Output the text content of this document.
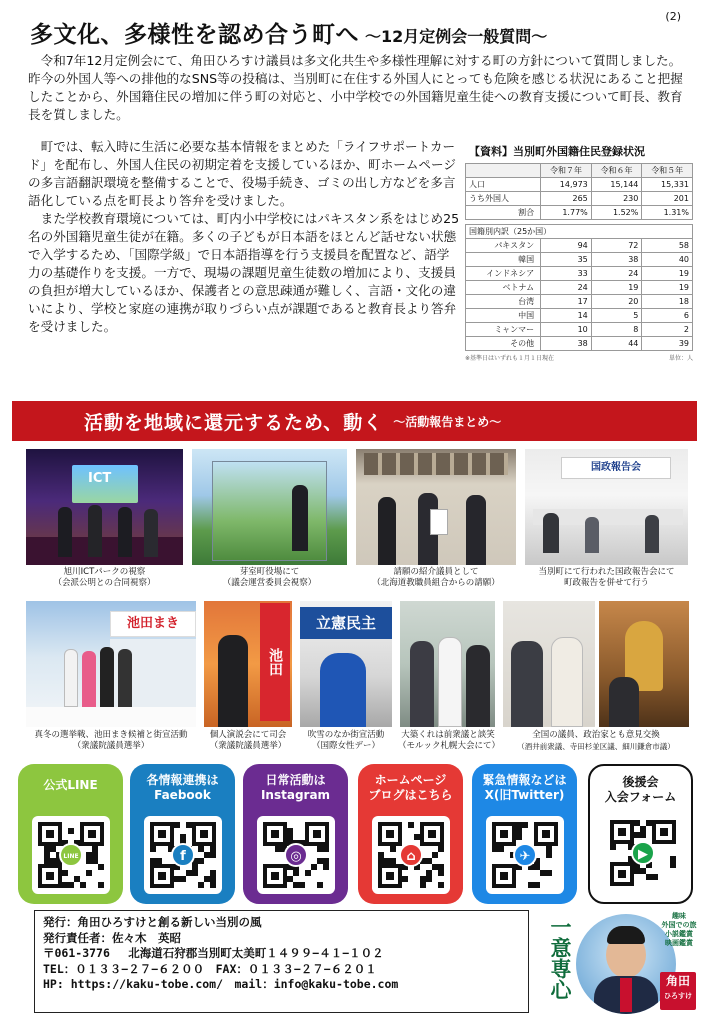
(2)
多文化、多様性を認め合う町へ 〜12月定例会一般質問〜

令和7年12月定例会にて、角田ひろすけ議員は多文化共生や多様性理解に対する町の方針について質問しました。昨今の外国人等への排他的なSNS等の投稿は、当別町に在住する外国人にとっても危険を感じる状況にあること把握したことから、外国籍住民の増加に伴う町の対応と、小中学校での外国籍児童生徒への教育支援について町長、教育長を質しました。

町では、転入時に生活に必要な基本情報をまとめた「ライフサポートカード」を配布し、外国人住民の初期定着を支援しているほか、町ホームページの多言語翻訳環境を整備することで、役場手続き、ゴミの出し方などを多言語化している点を町長より答弁を受けました。

また学校教育環境については、町内小中学校にはパキスタン系をはじめ25名の外国籍児童生徒が在籍。多くの子どもが日本語をほとんど話せない状態で入学するため、「国際学級」で日本語指導を行う支援員を配置など、語学力の基礎作りを支援。一方で、現場の課題児童生徒数の増加により、支援員の負担が増大しているほか、保護者との意思疎通が難しく、言語・文化の違いにより、学校と家庭の連携が取りづらい点が課題であると教育長より答弁を受けました。

【資料】当別町外国籍住民登録状況
	令和７年	令和６年	令和５年
人口	14,973	15,144	15,331
うち外国人	265	230	201
割合	1.77%	1.52%	1.31%

国籍別内訳（25か国）			
パキスタン	94	72	58
韓国	35	38	40
インドネシア	33	24	19
ベトナム	24	19	19
台湾	17	20	18
中国	14	5	6
ミャンマー	10	8	2
その他	38	44	39
※基準日はいずれも１月１日現在	単位：人
活動を地域に還元するため、動く 〜活動報告まとめ〜
ICT
旭川ICTパークの視察
（会派公明との合同視察）
芽室町役場にて
（議会運営委員会視察）
請願の紹介議員として
（北海道教職員組合からの請願）
国政報告会
当別町にて行われた国政報告会にて
町政報告を併せて行う
池田まき
真冬の選挙戦、池田まき候補と街宣活動
（衆議院議員選挙）
池田
個人演説会にて司会
（衆議院議員選挙）
立憲民主
吹雪のなか街宣活動
（国際女性デー）
大築くれは前衆議と談笑
（モルック札幌大会にて）
全国の議員、政治家とも意見交換
（酒井前衆議、寺田杉並区議、細川鎌倉市議）
公式LINE
LINE
各情報連携は
Faebook
f
日常活動は
Instagram
◎
ホームページ
ブログはこちら
⌂
緊急情報などは
X(旧Twitter)
✈
後援会
入会フォーム
▶
発行：角田ひろすけと創る新しい当別の風
発行責任者：佐々木　英昭
〒061-3776　 北海道石狩郡当別町太美町１４９９−４１−１０２
TEL：０１３３−２７−６２００　FAX：０１３３−２７−６２０１
HP: https://kaku-tobe.com/　mail：info@kaku-tobe.com	一意専心	趣味
外国での旅
小説鑑賞
映画鑑賞
角田
ひろすけ
